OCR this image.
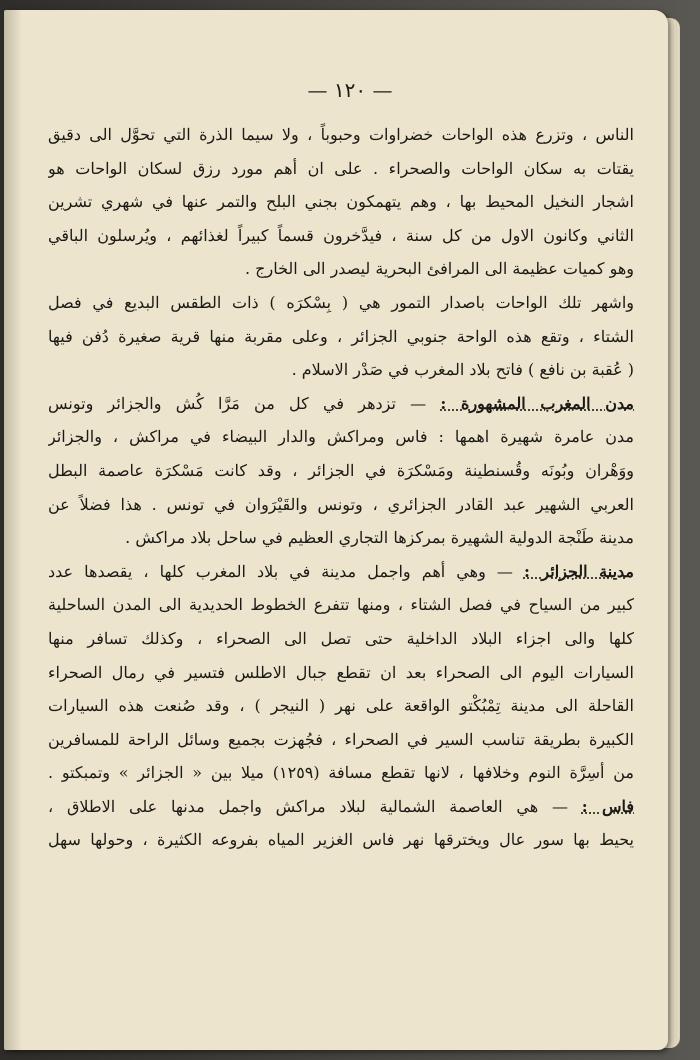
— ١٢٠ —
الناس ، وتزرع هذه الواحات خضراوات وحبوباً ، ولا سيما الذرة التي تحوَّل الى دقيق
يقتات به سكان الواحات والصحراء . على ان أهم مورد رزق لسكان الواحات هو
اشجار النخيل المحيط بها ، وهم يتهمكون بجني البلح والتمر عنها في شهري تشرين
الثاني وكانون الاول من كل سنة ، فيدَّخرون قسماً كبيراً لغذائهم ، ويُرسلون الباقي
وهو كميات عظيمة الى المرافئ البحرية ليصدر الى الخارج .
واشهر تلك الواحات باصدار التمور هي ( بِسْكرَه ) ذات الطقس البديع في فصل
الشتاء ، وتقع هذه الواحة جنوبي الجزائر ، وعلى مقربة منها قرية صغيرة دُفن فيها
( عُقبة بن نافع ) فاتح بلاد المغرب في صَدْر الاسلام .
مدن المغرب المشهورة : — تزدهر في كل من مَرَّا كُش والجزائر وتونس
مدن عامرة شهيرة اهمها : فاس ومراكش والدار البيضاء في مراكش ، والجزائر
ووَهْران وبُونَه وقُسنطينة ومَسْكرَة في الجزائر ، وقد كانت مَسْكرَة عاصمة البطل
العربي الشهير عبد القادر الجزائري ، وتونس والقَيْرَوان في تونس . هذا فضلاً عن
مدينة طَنْجة الدولية الشهيرة بمركزها التجاري العظيم في ساحل بلاد مراكش .
مدينة الجزائر : — وهي أهم واجمل مدينة في بلاد المغرب كلها ، يقصدها عدد
كبير من السياح في فصل الشتاء ، ومنها تتفرع الخطوط الحديدية الى المدن الساحلية
كلها والى اجزاء البلاد الداخلية حتى تصل الى الصحراء ، وكذلك تسافر منها
السيارات اليوم الى الصحراء بعد ان تقطع جبال الاطلس فتسير في رمال الصحراء
القاحلة الى مدينة تِمْبُكْتو الواقعة على نهر ( النيجر ) ، وقد صُنعت هذه السيارات
الكبيرة بطريقة تناسب السير في الصحراء ، فجُهزت بجميع وسائل الراحة للمسافرين
من أسِرَّة النوم وخلافها ، لانها تقطع مسافة (١٢٥٩) ميلا بين « الجزائر » وتمبكتو .
فاس : — هي العاصمة الشمالية لبلاد مراكش واجمل مدنها على الاطلاق ،
يحيط بها سور عال ويخترقها نهر فاس الغزير المياه بفروعه الكثيرة ، وحولها سهل
